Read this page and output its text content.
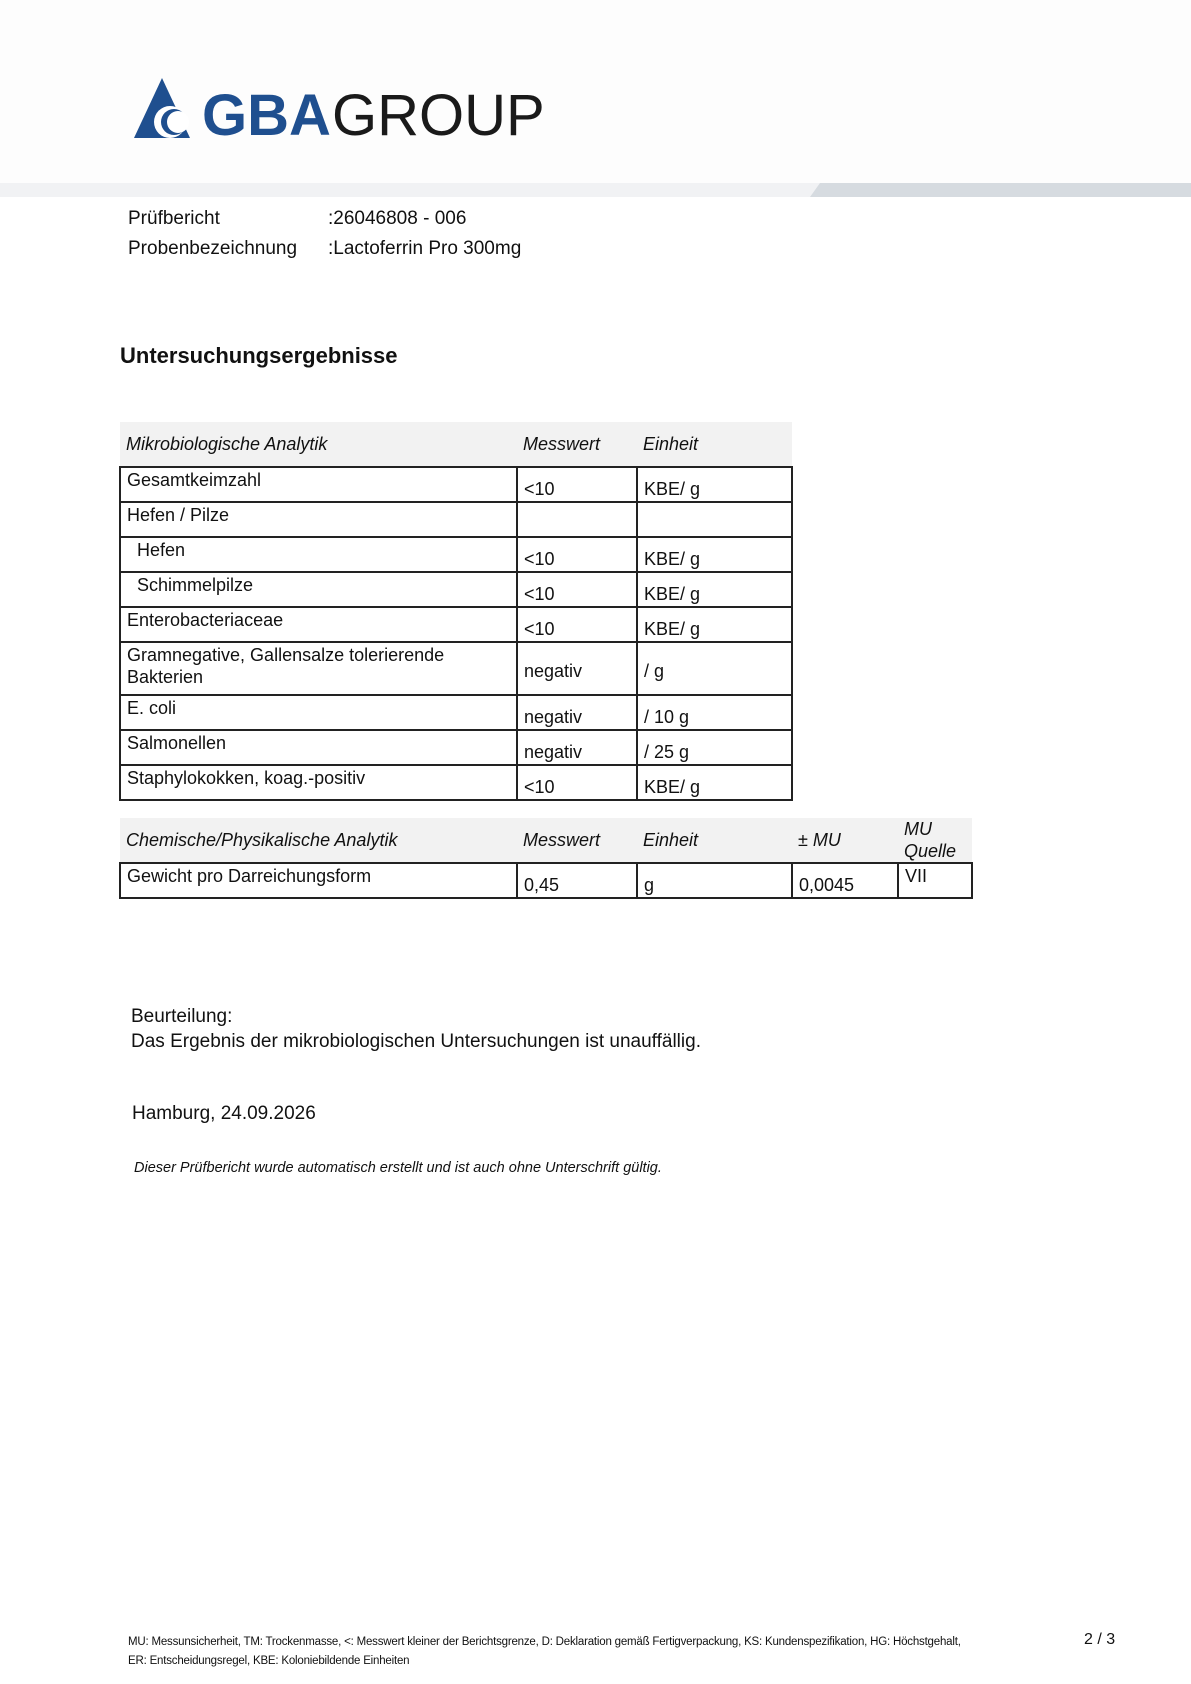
GBA GROUP
Prüfbericht	:26046808 - 006
Probenbezeichnung :Lactoferrin Pro 300mg
Untersuchungsergebnisse
Mikrobiologische Analytik	Messwert	Einheit
Gesamtkeimzahl	<10	KBE/ g
Hefen / Pilze		
Hefen	<10	KBE/ g
Schimmelpilze	<10	KBE/ g
Enterobacteriaceae	<10	KBE/ g
Gramnegative, Gallensalze tolerierende Bakterien	negativ	/ g
E. coli	negativ	/ 10 g
Salmonellen	negativ	/ 25 g
Staphylokokken, koag.-positiv	<10	KBE/ g
Chemische/Physikalische Analytik	Messwert	Einheit	± MU	MU Quelle
Gewicht pro Darreichungsform	0,45	g	0,0045	VII
Beurteilung:
Das Ergebnis der mikrobiologischen Untersuchungen ist unauffällig.
Hamburg, 24.09.2026
Dieser Prüfbericht wurde automatisch erstellt und ist auch ohne Unterschrift gültig.
MU: Messunsicherheit, TM: Trockenmasse, <: Messwert kleiner der Berichtsgrenze, D: Deklaration gemäß Fertigverpackung, KS: Kundenspezifikation, HG: Höchstgehalt,
ER: Entscheidungsregel, KBE: Koloniebildende Einheiten
2 / 3
